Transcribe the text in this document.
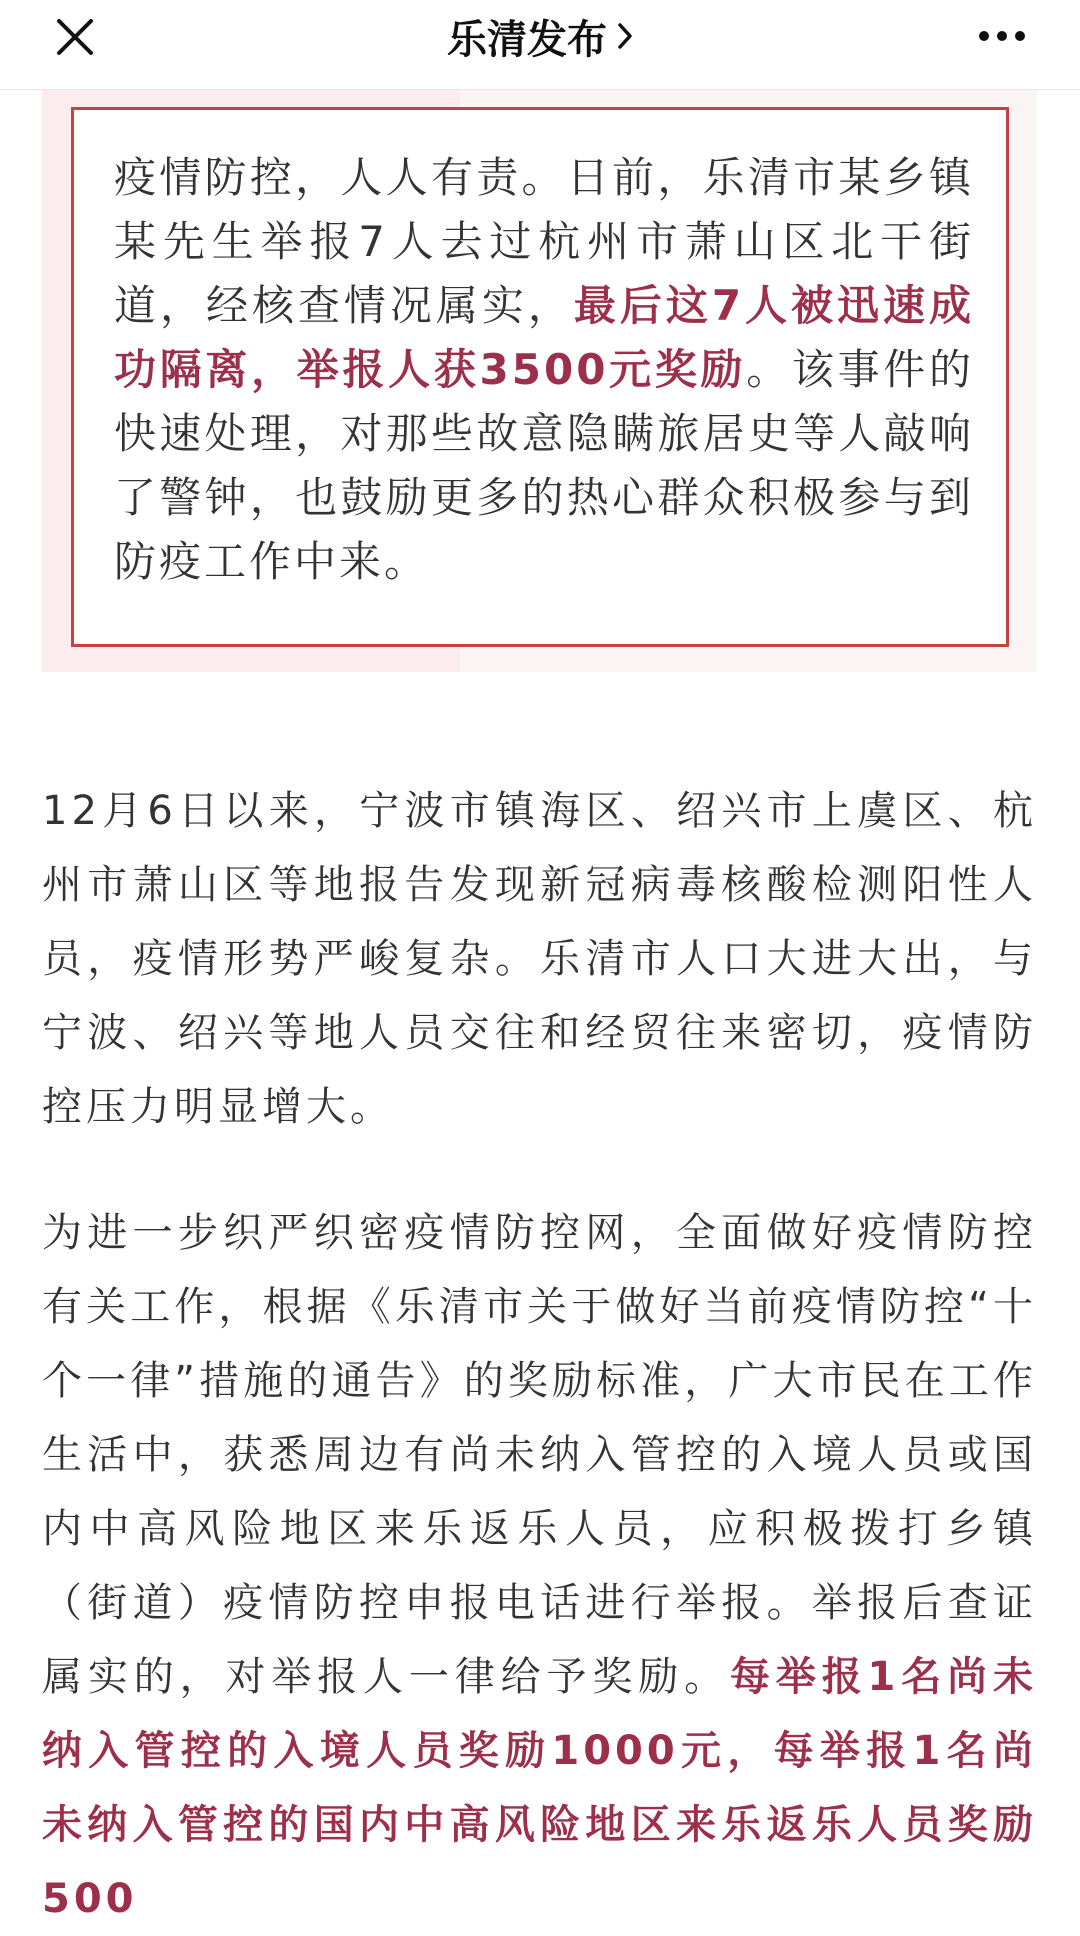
乐清发布

疫情防控，人人有责。日前，乐清市某乡镇某先生举报7人去过杭州市萧山区北干街道，经核查情况属实，最后这7人被迅速成功隔离，举报人获3500元奖励。该事件的快速处理，对那些故意隐瞒旅居史等人敲响了警钟，也鼓励更多的热心群众积极参与到防疫工作中来。

12月6日以来，宁波市镇海区、绍兴市上虞区、杭州市萧山区等地报告发现新冠病毒核酸检测阳性人员，疫情形势严峻复杂。乐清市人口大进大出，与宁波、绍兴等地人员交往和经贸往来密切，疫情防控压力明显增大。

为进一步织严织密疫情防控网，全面做好疫情防控有关工作，根据《乐清市关于做好当前疫情防控“十个一律”措施的通告》的奖励标准，广大市民在工作生活中，获悉周边有尚未纳入管控的入境人员或国内中高风险地区来乐返乐人员，应积极拨打乡镇（街道）疫情防控申报电话进行举报。举报后查证属实的，对举报人一律给予奖励。每举报1名尚未纳入管控的入境人员奖励1000元，每举报1名尚未纳入管控的国内中高风险地区来乐返乐人员奖励500
